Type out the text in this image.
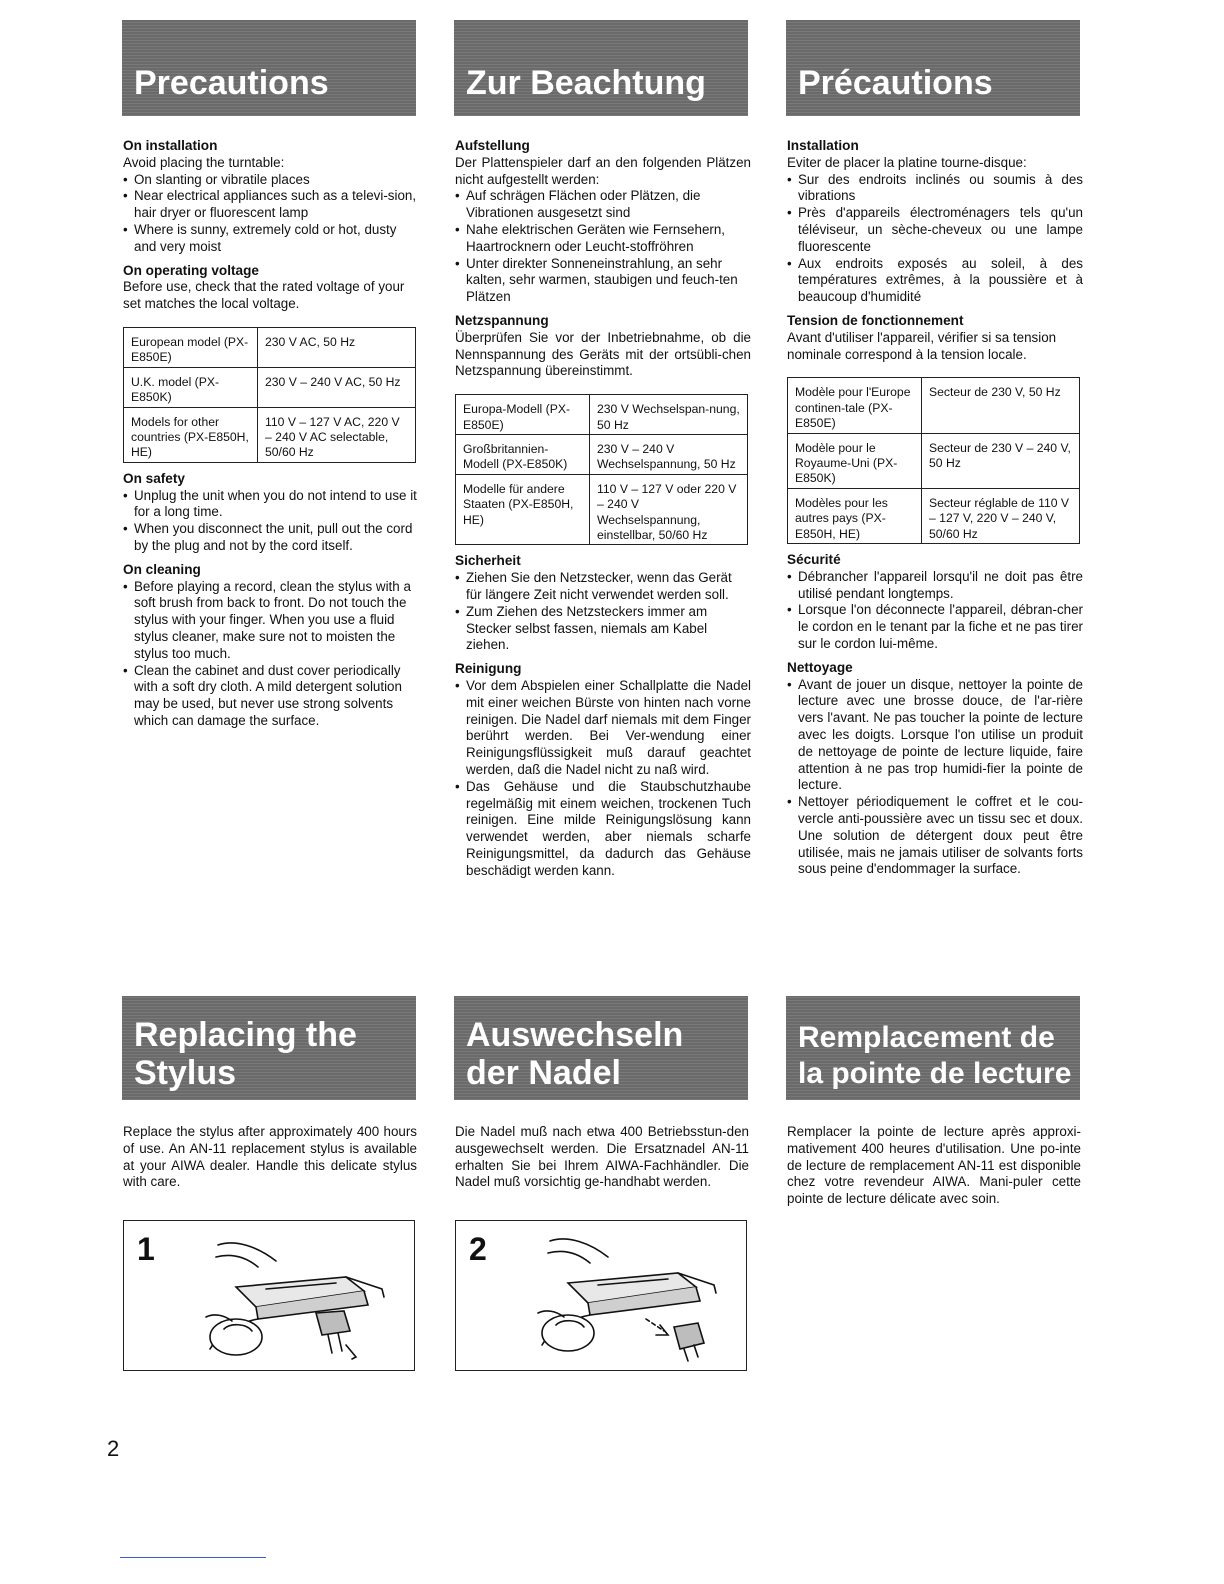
Precautions

On installation

Avoid placing the turntable:

• On slanting or vibratile places
• Near electrical appliances such as a televi-sion, hair dryer or fluorescent lamp
• Where is sunny, extremely cold or hot, dusty and very moist

On operating voltage

Before use, check that the rated voltage of your set matches the local voltage.

European model (PX-E850E)	230 V AC, 50 Hz
U.K. model (PX-E850K)	230 V – 240 V AC, 50 Hz
Models for other countries (PX-E850H, HE)	110 V – 127 V AC, 220 V – 240 V AC selectable, 50/60 Hz

On safety

• Unplug the unit when you do not intend to use it for a long time.
• When you disconnect the unit, pull out the cord by the plug and not by the cord itself.

On cleaning

• Before playing a record, clean the stylus with a soft brush from back to front. Do not touch the stylus with your finger. When you use a fluid stylus cleaner, make sure not to moisten the stylus too much.
• Clean the cabinet and dust cover periodically with a soft dry cloth. A mild detergent solution may be used, but never use strong solvents which can damage the surface.
Replacing the
Stylus
Replace the stylus after approximately 400 hours of use. An AN-11 replacement stylus is available at your AIWA dealer. Handle this delicate stylus with care.
1
Zur Beachtung

Aufstellung

Der Plattenspieler darf an den folgenden Plätzen nicht aufgestellt werden:

• Auf schrägen Flächen oder Plätzen, die Vibrationen ausgesetzt sind
• Nahe elektrischen Geräten wie Fernsehern, Haartrocknern oder Leucht-stoffröhren
• Unter direkter Sonneneinstrahlung, an sehr kalten, sehr warmen, staubigen und feuch-ten Plätzen

Netzspannung

Überprüfen Sie vor der Inbetriebnahme, ob die Nennspannung des Geräts mit der ortsübli-chen Netzspannung übereinstimmt.

Europa-Modell (PX-E850E)	230 V Wechselspan-nung, 50 Hz
Großbritannien-Modell (PX-E850K)	230 V – 240 V Wechselspannung, 50 Hz
Modelle für andere Staaten (PX-E850H, HE)	110 V – 127 V oder 220 V – 240 V Wechselspannung, einstellbar, 50/60 Hz

Sicherheit

• Ziehen Sie den Netzstecker, wenn das Gerät für längere Zeit nicht verwendet werden soll.
• Zum Ziehen des Netzsteckers immer am Stecker selbst fassen, niemals am Kabel ziehen.

Reinigung

• Vor dem Abspielen einer Schallplatte die Nadel mit einer weichen Bürste von hinten nach vorne reinigen. Die Nadel darf niemals mit dem Finger berührt werden. Bei Ver-wendung einer Reinigungsflüssigkeit muß darauf geachtet werden, daß die Nadel nicht zu naß wird.
• Das Gehäuse und die Staubschutzhaube regelmäßig mit einem weichen, trockenen Tuch reinigen. Eine milde Reinigungslösung kann verwendet werden, aber niemals scharfe Reinigungsmittel, da dadurch das Gehäuse beschädigt werden kann.
Auswechseln
der Nadel
Die Nadel muß nach etwa 400 Betriebsstun-den ausgewechselt werden. Die Ersatznadel AN-11 erhalten Sie bei Ihrem AIWA-Fachhändler. Die Nadel muß vorsichtig ge-handhabt werden.
2
Précautions

Installation

Eviter de placer la platine tourne-disque:

• Sur des endroits inclinés ou soumis à des vibrations
• Près d'appareils électroménagers tels qu'un téléviseur, un sèche-cheveux ou une lampe fluorescente
• Aux endroits exposés au soleil, à des températures extrêmes, à la poussière et à beaucoup d'humidité

Tension de fonctionnement

Avant d'utiliser l'appareil, vérifier si sa tension nominale correspond à la tension locale.

Modèle pour l'Europe continen-tale (PX-E850E)	Secteur de 230 V, 50 Hz
Modèle pour le Royaume-Uni (PX-E850K)	Secteur de 230 V – 240 V, 50 Hz
Modèles pour les autres pays (PX-E850H, HE)	Secteur réglable de 110 V – 127 V, 220 V – 240 V, 50/60 Hz

Sécurité

• Débrancher l'appareil lorsqu'il ne doit pas être utilisé pendant longtemps.
• Lorsque l'on déconnecte l'appareil, débran-cher le cordon en le tenant par la fiche et ne pas tirer sur le cordon lui-même.

Nettoyage

• Avant de jouer un disque, nettoyer la pointe de lecture avec une brosse douce, de l'ar-rière vers l'avant. Ne pas toucher la pointe de lecture avec les doigts. Lorsque l'on utilise un produit de nettoyage de pointe de lecture liquide, faire attention à ne pas trop humidi-fier la pointe de lecture.
• Nettoyer périodiquement le coffret et le cou-vercle anti-poussière avec un tissu sec et doux. Une solution de détergent doux peut être utilisée, mais ne jamais utiliser de solvants forts sous peine d'endommager la surface.
Remplacement de
la pointe de lecture
Remplacer la pointe de lecture après approxi-mativement 400 heures d'utilisation. Une po-inte de lecture de remplacement AN-11 est disponible chez votre revendeur AIWA. Mani-puler cette pointe de lecture délicate avec soin.
2
